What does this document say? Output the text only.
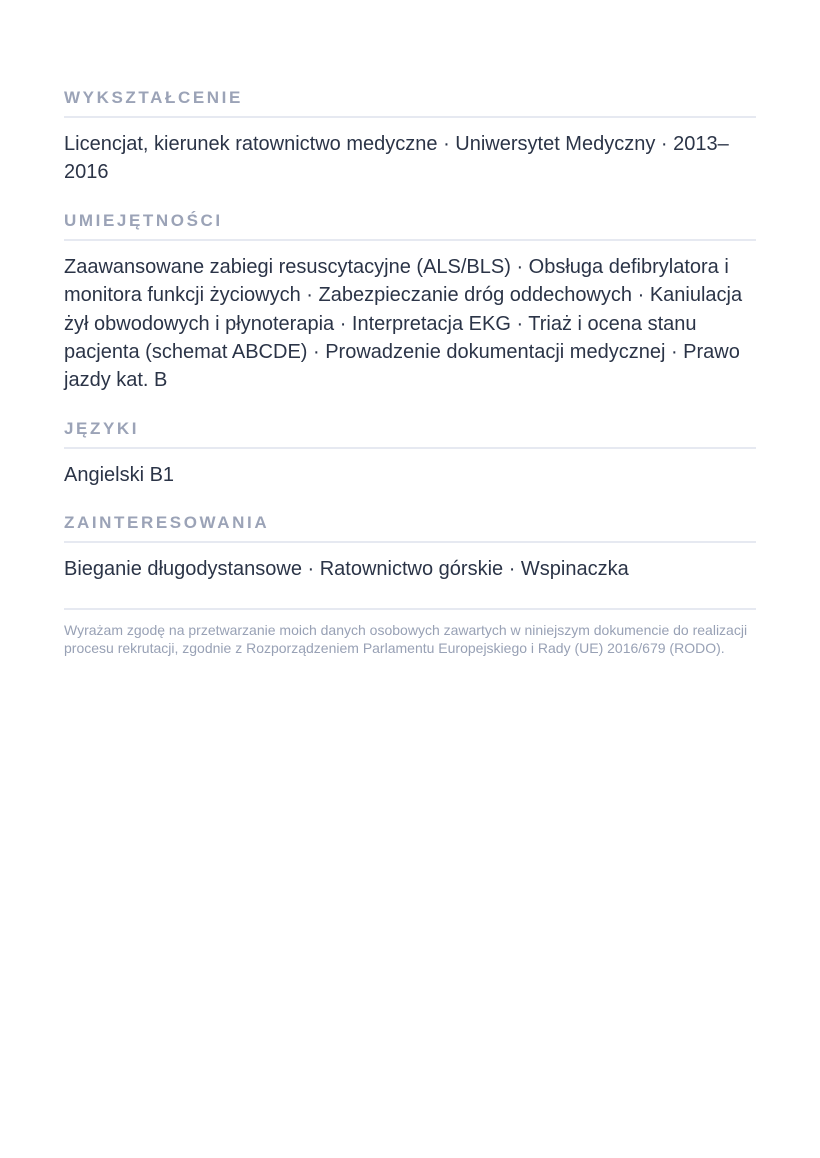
WYKSZTAŁCENIE

Licencjat, kierunek ratownictwo medyczne · Uniwersytet Medyczny · 2013–2016

UMIEJĘTNOŚCI

Zaawansowane zabiegi resuscytacyjne (ALS/BLS) · Obsługa defibrylatora i monitora funkcji życiowych · Zabezpieczanie dróg oddechowych · Kaniulacja żył obwodowych i płynoterapia · Interpretacja EKG · Triaż i ocena stanu pacjenta (schemat ABCDE) · Prowadzenie dokumentacji medycznej · Prawo jazdy kat. B

JĘZYKI

Angielski B1

ZAINTERESOWANIA

Bieganie długodystansowe · Ratownictwo górskie · Wspinaczka

Wyrażam zgodę na przetwarzanie moich danych osobowych zawartych w niniejszym dokumencie do realizacji procesu rekrutacji, zgodnie z Rozporządzeniem Parlamentu Europejskiego i Rady (UE) 2016/679 (RODO).
